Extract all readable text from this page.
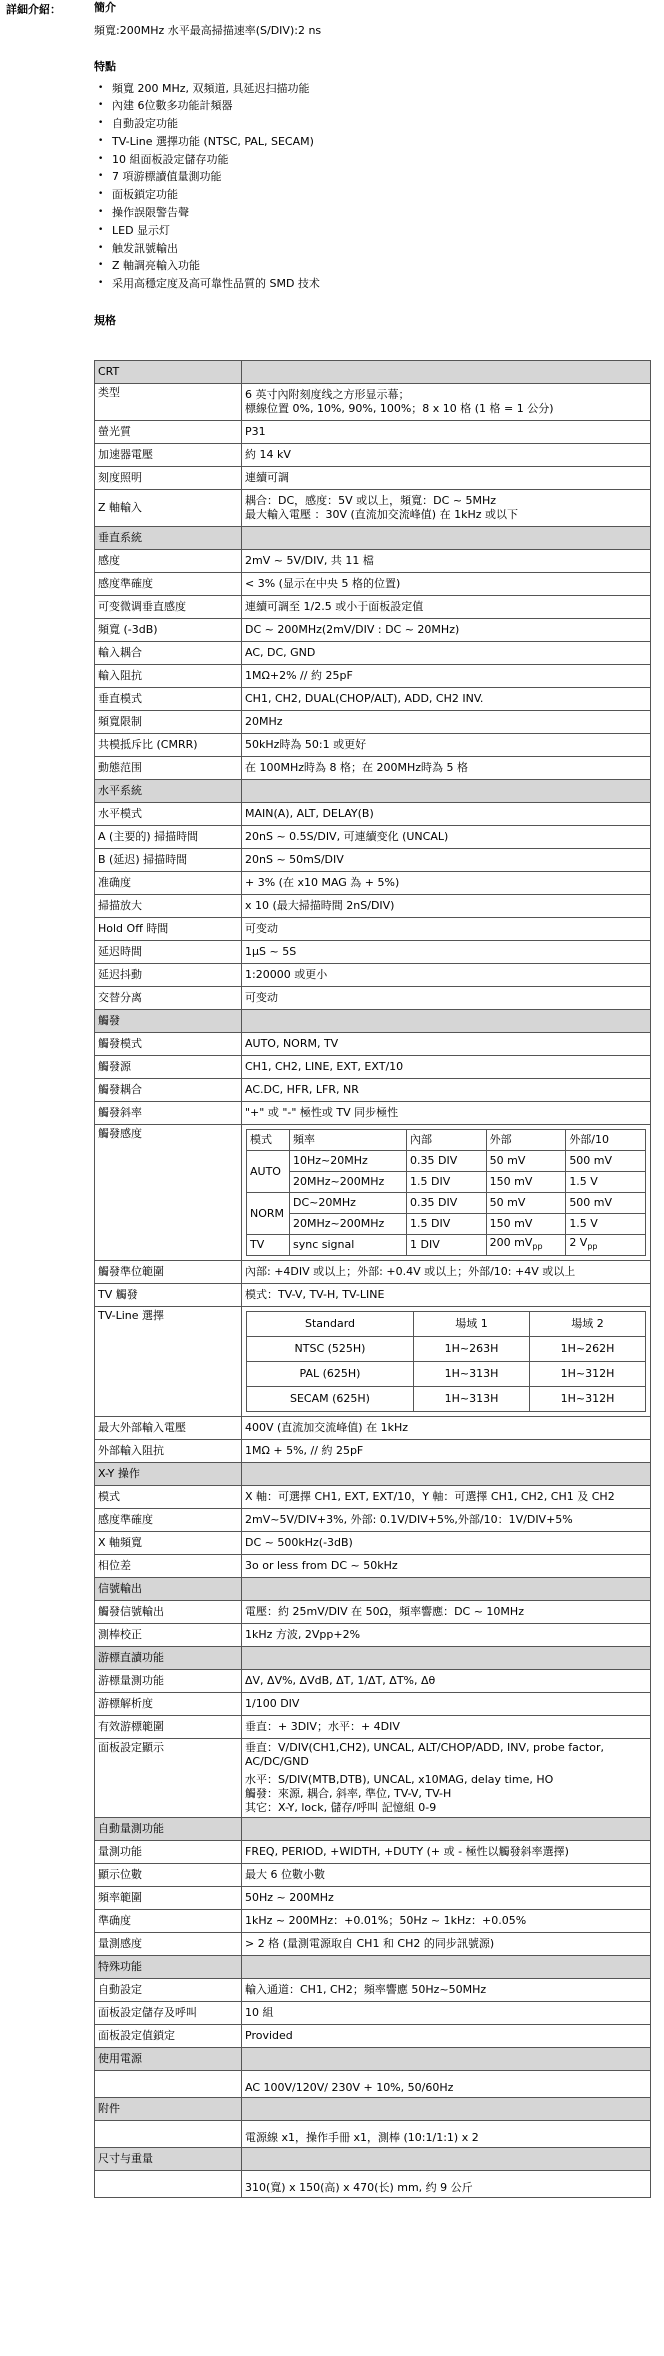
詳細介紹：	簡介
頻寬:200MHz 水平最高掃描速率(S/DIV):2 ns
特點
• 頻寬 200 MHz, 双頻道, 具延迟扫描功能
• 內建 6位數多功能計頻器
• 自動設定功能
• TV-Line 選擇功能 (NTSC, PAL, SECAM)
• 10 組面板設定儲存功能
• 7 項游標讀值量測功能
• 面板鎖定功能
• 操作誤限警告聲
• LED 显示灯
• 触发訊號輸出
• Z 軸調亮輸入功能
• 采用高穩定度及高可靠性品質的 SMD 技术
規格
CRT	
类型	6 英寸內附刻度线之方形显示幕；
標線位置 0%, 10%, 90%, 100%；8 x 10 格 (1 格 = 1 公分)

螢光質	P31
加速器電壓	約 14 kV
刻度照明	連續可調
Z 軸輸入	
耦合：DC，感度：5V 或以上，頻寬：DC ~ 5MHz
最大輸入電壓 ：30V (直流加交流峰值) 在 1kHz 或以下

垂直系統	
感度	2mV ~ 5V/DIV, 共 11 檔
感度準確度	< 3% (显示在中央 5 格的位置)
可变微调垂直感度	連續可調至 1/2.5 或小于面板設定值
頻寬 (-3dB)	DC ~ 200MHz(2mV/DIV : DC ~ 20MHz)
輸入耦合	AC, DC, GND
輸入阻抗	1MΩ+2% // 約 25pF
垂直模式	CH1, CH2, DUAL(CHOP/ALT), ADD, CH2 INV.
頻寬限制	20MHz
共模抵斥比 (CMRR)	50kHz時為 50:1 或更好
動態范围	在 100MHz時為 8 格；在 200MHz時為 5 格
水平系統	
水平模式	MAIN(A), ALT, DELAY(B)
A (主要的) 掃描時間	20nS ~ 0.5S/DIV, 可連續变化 (UNCAL)
B (延迟) 掃描時間	20nS ~ 50mS/DIV
准确度	+ 3% (在 x10 MAG 為 + 5%)
掃描放大	x 10 (最大掃描時間 2nS/DIV)
Hold Off 時間	可变动
延迟時間	1μS ~ 5S
延迟抖動	1:20000 或更小
交替分离	可变动
觸發	
觸發模式	AUTO, NORM, TV
觸發源	CH1, CH2, LINE, EXT, EXT/10
觸發耦合	AC.DC, HFR, LFR, NR
觸發斜率	"+" 或 "-" 極性或 TV 同步極性
觸發感度		模式	頻率	內部	外部	外部/10
AUTO	10Hz~20MHz	0.35 DIV	50 mV	500 mV
20MHz~200MHz	1.5 DIV	150 mV	1.5 V
NORM	DC~20MHz	0.35 DIV	50 mV	500 mV
20MHz~200MHz	1.5 DIV	150 mV	1.5 V
TV	sync signal	1 DIV	200 $mV_{pp}$	2 $V_{pp}$

觸發準位範圍	內部: +4DIV 或以上；外部: +0.4V 或以上；外部/10: +4V 或以上
TV 觸發	模式：TV-V, TV-H, TV-LINE
TV-Line 選擇	
Standard	場域 1	場域 2
NTSC (525H)	1H~263H	1H~262H
PAL (625H)	1H~313H	1H~312H
SECAM (625H)	1H~313H	1H~312H

最大外部輸入電壓	400V (直流加交流峰值) 在 1kHz
外部輸入阻抗	1MΩ + 5%, // 約 25pF
X-Y 操作	
模式	X 軸：可選擇 CH1, EXT, EXT/10，Y 軸：可選擇 CH1, CH2, CH1 及 CH2
感度準確度	2mV~5V/DIV+3%, 外部: 0.1V/DIV+5%,外部/10：1V/DIV+5%
X 軸頻寬	DC ~ 500kHz(-3dB)
相位差	3o or less from DC ~ 50kHz
信號輸出	
觸發信號輸出	電壓：約 25mV/DIV 在 50Ω，頻率響應：DC ~ 10MHz
測棒校正	1kHz 方波, 2Vpp+2%
游標直讀功能	
游標量測功能	ΔV, ΔV%, ΔVdB, ΔT, 1/ΔT, ΔT%, Δθ
游標解析度	1/100 DIV
有效游標範圍	垂直：+ 3DIV；水平：+ 4DIV
面板設定顯示	垂直：V/DIV(CH1,CH2), UNCAL, ALT/CHOP/ADD, INV, probe factor, AC/DC/GND
水平：S/DIV(MTB,DTB), UNCAL, x10MAG, delay time, HO
觸發：來源, 耦合, 斜率, 準位, TV-V, TV-H
其它：X-Y, lock, 儲存/呼叫 記憶組 0-9

自動量測功能	
量測功能	FREQ, PERIOD, +WIDTH, +DUTY (+ 或 - 極性以觸發斜率選擇)
顯示位數	最大 6 位數小數
頻率範圍	50Hz ~ 200MHz
準确度	1kHz ~ 200MHz：+0.01%；50Hz ~ 1kHz：+0.05%
量測感度	> 2 格 (量測電源取自 CH1 和 CH2 的同步訊號源)
特殊功能	
自動設定	輸入通道：CH1, CH2；頻率響應 50Hz~50MHz
面板設定儲存及呼叫	10 組
面板設定值鎖定	Provided
使用電源	
	AC 100V/120V/ 230V + 10%, 50/60Hz
附件	
	電源線 x1，操作手冊 x1，測棒 (10:1/1:1) x 2
尺寸与重量	
	310(寬) x 150(高) x 470(长) mm, 约 9 公斤
